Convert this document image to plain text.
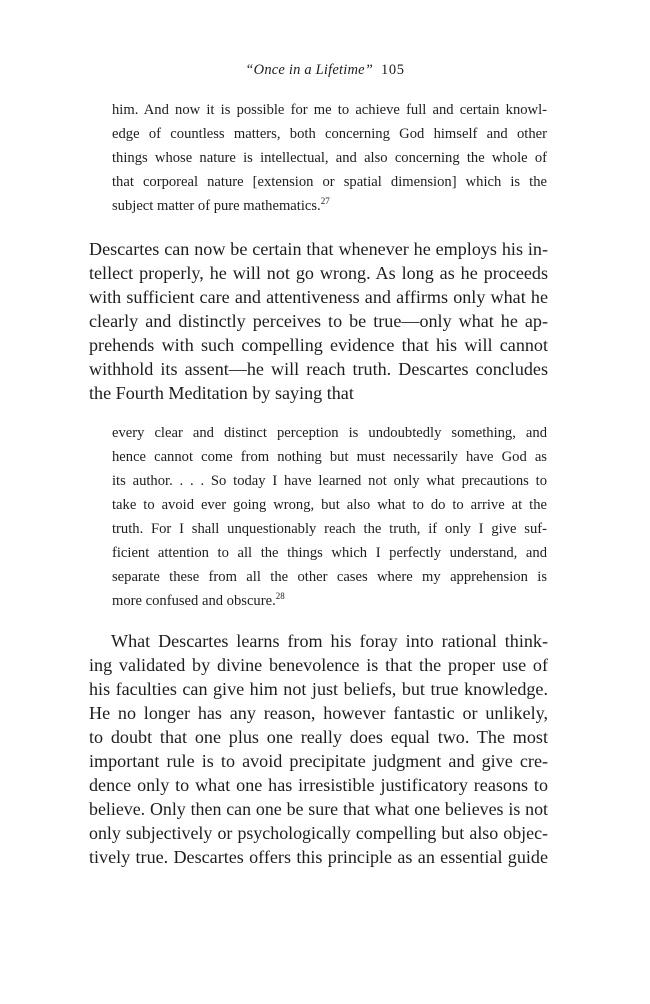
“Once in a Lifetime” 105
him. And now it is possible for me to achieve full and certain knowl-
edge of countless matters, both concerning God himself and other
things whose nature is intellectual, and also concerning the whole of
that corporeal nature [extension or spatial dimension] which is the
subject matter of pure mathematics.$^{27}$
Descartes can now be certain that whenever he employs his in-
tellect properly, he will not go wrong. As long as he proceeds
with sufficient care and attentiveness and affirms only what he
clearly and distinctly perceives to be true—only what he ap-
prehends with such compelling evidence that his will cannot
withhold its assent—he will reach truth. Descartes concludes
the Fourth Meditation by saying that
every clear and distinct perception is undoubtedly something, and
hence cannot come from nothing but must necessarily have God as
its author. . . . So today I have learned not only what precautions to
take to avoid ever going wrong, but also what to do to arrive at the
truth. For I shall unquestionably reach the truth, if only I give suf-
ficient attention to all the things which I perfectly understand, and
separate these from all the other cases where my apprehension is
more confused and obscure.$^{28}$
What Descartes learns from his foray into rational think-
ing validated by divine benevolence is that the proper use of
his faculties can give him not just beliefs, but true knowledge.
He no longer has any reason, however fantastic or unlikely,
to doubt that one plus one really does equal two. The most
important rule is to avoid precipitate judgment and give cre-
dence only to what one has irresistible justificatory reasons to
believe. Only then can one be sure that what one believes is not
only subjectively or psychologically compelling but also objec-
tively true. Descartes offers this principle as an essential guide
